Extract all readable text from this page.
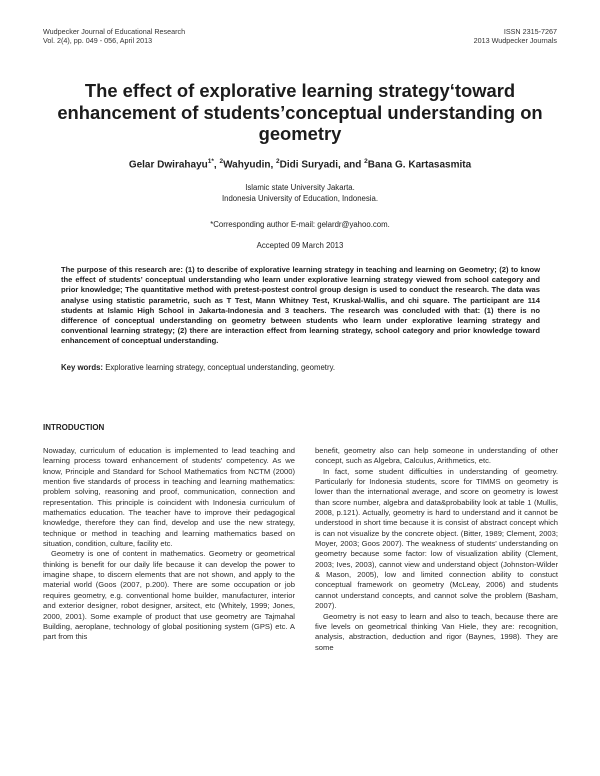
Wudpecker Journal of Educational Research
Vol. 2(4), pp. 049 - 056, April 2013
ISSN 2315-7267
2013 Wudpecker Journals
The effect of explorative learning strategy‘toward enhancement of students’conceptual understanding on geometry
Gelar Dwirahayu$^{1*}$, $^2$Wahyudin, $^2$Didi Suryadi, and $^2$Bana G. Kartasasmita
Islamic state University Jakarta.
Indonesia University of Education, Indonesia.
*Corresponding author E-mail: gelardr@yahoo.com.
Accepted 09 March 2013
The purpose of this research are: (1) to describe of explorative learning strategy in teaching and learning on Geometry; (2) to know the effect of students’ conceptual understanding who learn under explorative learning strategy viewed from school category and prior knowledge; The quantitative method with pretest-postest control group design is used to conduct the research. The data was analyse using statistic parametric, such as T Test, Mann Whitney Test, Kruskal-Wallis, and chi square. The participant are 114 students at Islamic High School in Jakarta-Indonesia and 3 teachers. The research was concluded with that: (1) there is no difference of conceptual understanding on geometry between students who learn under explorative learning strategy and conventional learning strategy; (2) there are interaction effect from learning strategy, school category and prior knowledge toward enhancement of conceptual understanding.
Key words: Explorative learning strategy, conceptual understanding, geometry.
INTRODUCTION

Nowaday, curriculum of education is implemented to lead teaching and learning process toward enhancement of students’ competency. As we know, Principle and Standard for School Mathematics from NCTM (2000) mention five standards of process in teaching and learning mathematics: problem solving, reasoning and proof, communication, connection and representation. This principle is coincident with Indonesia curriculum of mathematics education. The teacher have to improve their pedagogical knowledge, therefore they can find, develop and use the new strategy, technique or method in teaching and learning mathematics based on situation, condition, culture, facility etc.

Geometry is one of content in mathematics. Geometry or geometrical thinking is benefit for our daily life because it can develop the power to imagine shape, to discern elements that are not shown, and apply to the material world (Goos (2007, p.200). There are some occupation or job requires geometry, e.g. conventional home builder, manufacturer, interior and exterior designer, robot designer, arsitect, etc (Whitely, 1999; Jones, 2000, 2001). Some example of product that use geometry are Tajmahal Building, aeroplane, technology of global positioning system (GPS) etc. A part from this

benefit, geometry also can help someone in understanding of other concept, such as Algebra, Calculus, Arithmetics, etc.

In fact, some student difficulties in understanding of geometry. Particularly for Indonesia students, score for TIMMS on geometry is lower than the international average, and score on geometry is lowest than score number, algebra and data&probability look at table 1 (Mullis, 2008, p.121). Actually, geometry is hard to understand and it cannot be understood in short time because it is consist of abstract concept which is can not visualize by the concrete object. (Bitter, 1989; Clement, 2003; Moyer, 2003; Goos 2007). The weakness of students’ understanding on geometry because some factor: low of visualization ability (Clement, 2003; Ives, 2003), cannot view and understand object (Johnston-Wilder & Mason, 2005), low and limited connection ability to constuct conceptual framework on geometry (McLeay, 2006) and students cannot understand concepts, and cannot solve the problem (Basham, 2007).

Geometry is not easy to learn and also to teach, because there are five levels on geometrical thinking Van Hiele, they are: recognition, analysis, abstraction, deduction and rigor (Baynes, 1998). They are some
